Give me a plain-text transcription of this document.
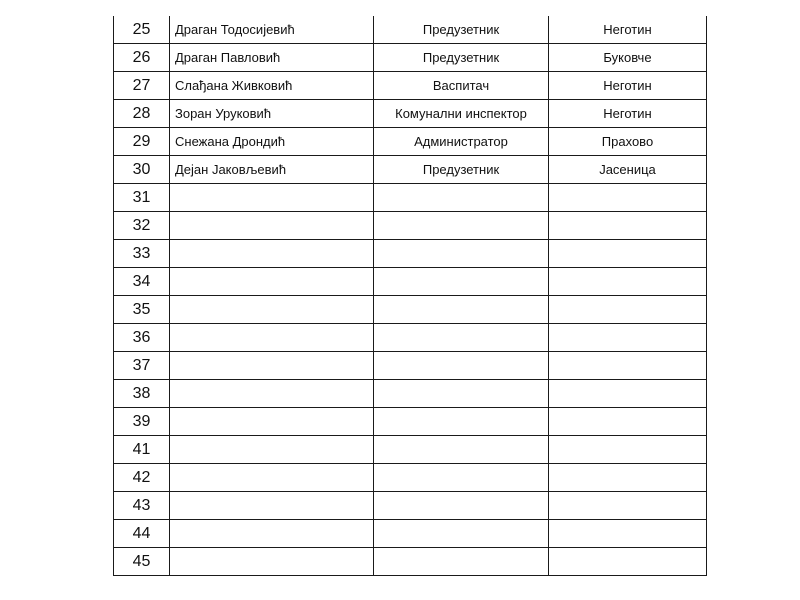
25	Драган Тодосијевић	Предузетник	Неготин
26	Драган Павловић	Предузетник	Буковче
27	Слађана Живковић	Васпитач	Неготин
28	Зоран Уруковић	Комунални инспектор	Неготин
29	Снежана Дрондић	Администратор	Прахово
30	Дејан Јаковљевић	Предузетник	Јасеница
31			
32			
33			
34			
35			
36			
37			
38			
39			
41			
42			
43			
44			
45			
